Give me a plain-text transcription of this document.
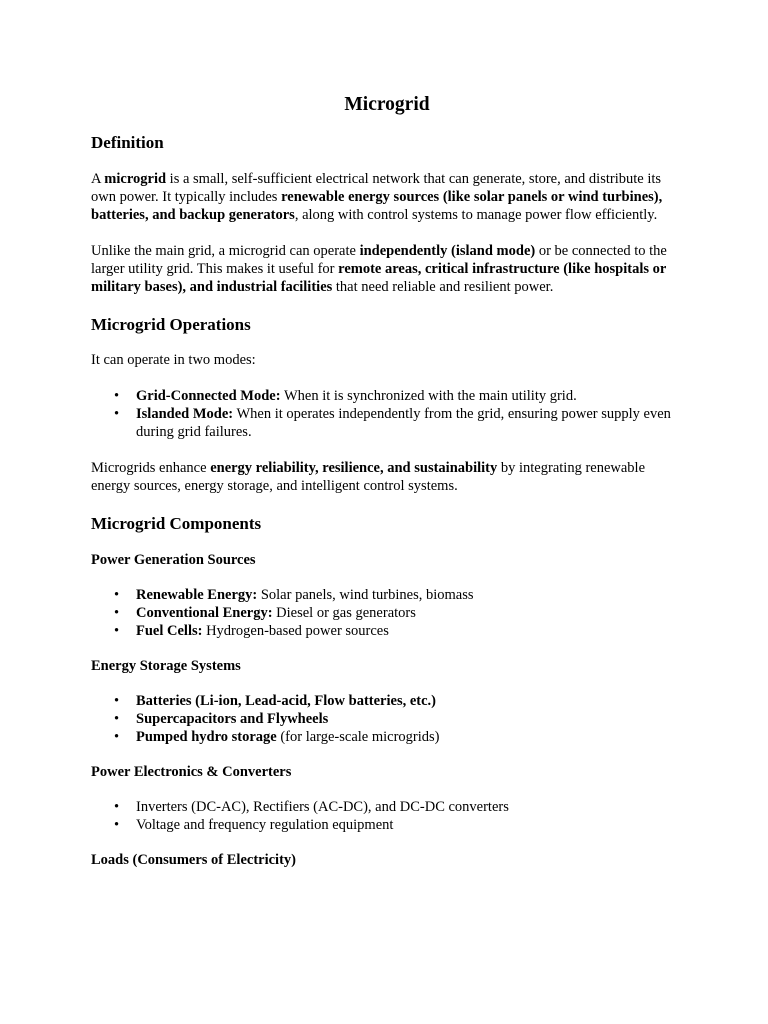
Microgrid
Definition

A microgrid is a small, self-sufficient electrical network that can generate, store, and distribute its own power. It typically includes renewable energy sources (like solar panels or wind turbines), batteries, and backup generators, along with control systems to manage power flow efficiently.

Unlike the main grid, a microgrid can operate independently (island mode) or be connected to the larger utility grid. This makes it useful for remote areas, critical infrastructure (like hospitals or military bases), and industrial facilities that need reliable and resilient power.

Microgrid Operations

It can operate in two modes:

• Grid-Connected Mode: When it is synchronized with the main utility grid.
• Islanded Mode: When it operates independently from the grid, ensuring power supply even during grid failures.

Microgrids enhance energy reliability, resilience, and sustainability by integrating renewable energy sources, energy storage, and intelligent control systems.

Microgrid Components
Power Generation Sources
• Renewable Energy: Solar panels, wind turbines, biomass
• Conventional Energy: Diesel or gas generators
• Fuel Cells: Hydrogen-based power sources
Energy Storage Systems
• Batteries (Li-ion, Lead-acid, Flow batteries, etc.)
• Supercapacitors and Flywheels
• Pumped hydro storage (for large-scale microgrids)
Power Electronics & Converters
• Inverters (DC-AC), Rectifiers (AC-DC), and DC-DC converters
• Voltage and frequency regulation equipment
Loads (Consumers of Electricity)
